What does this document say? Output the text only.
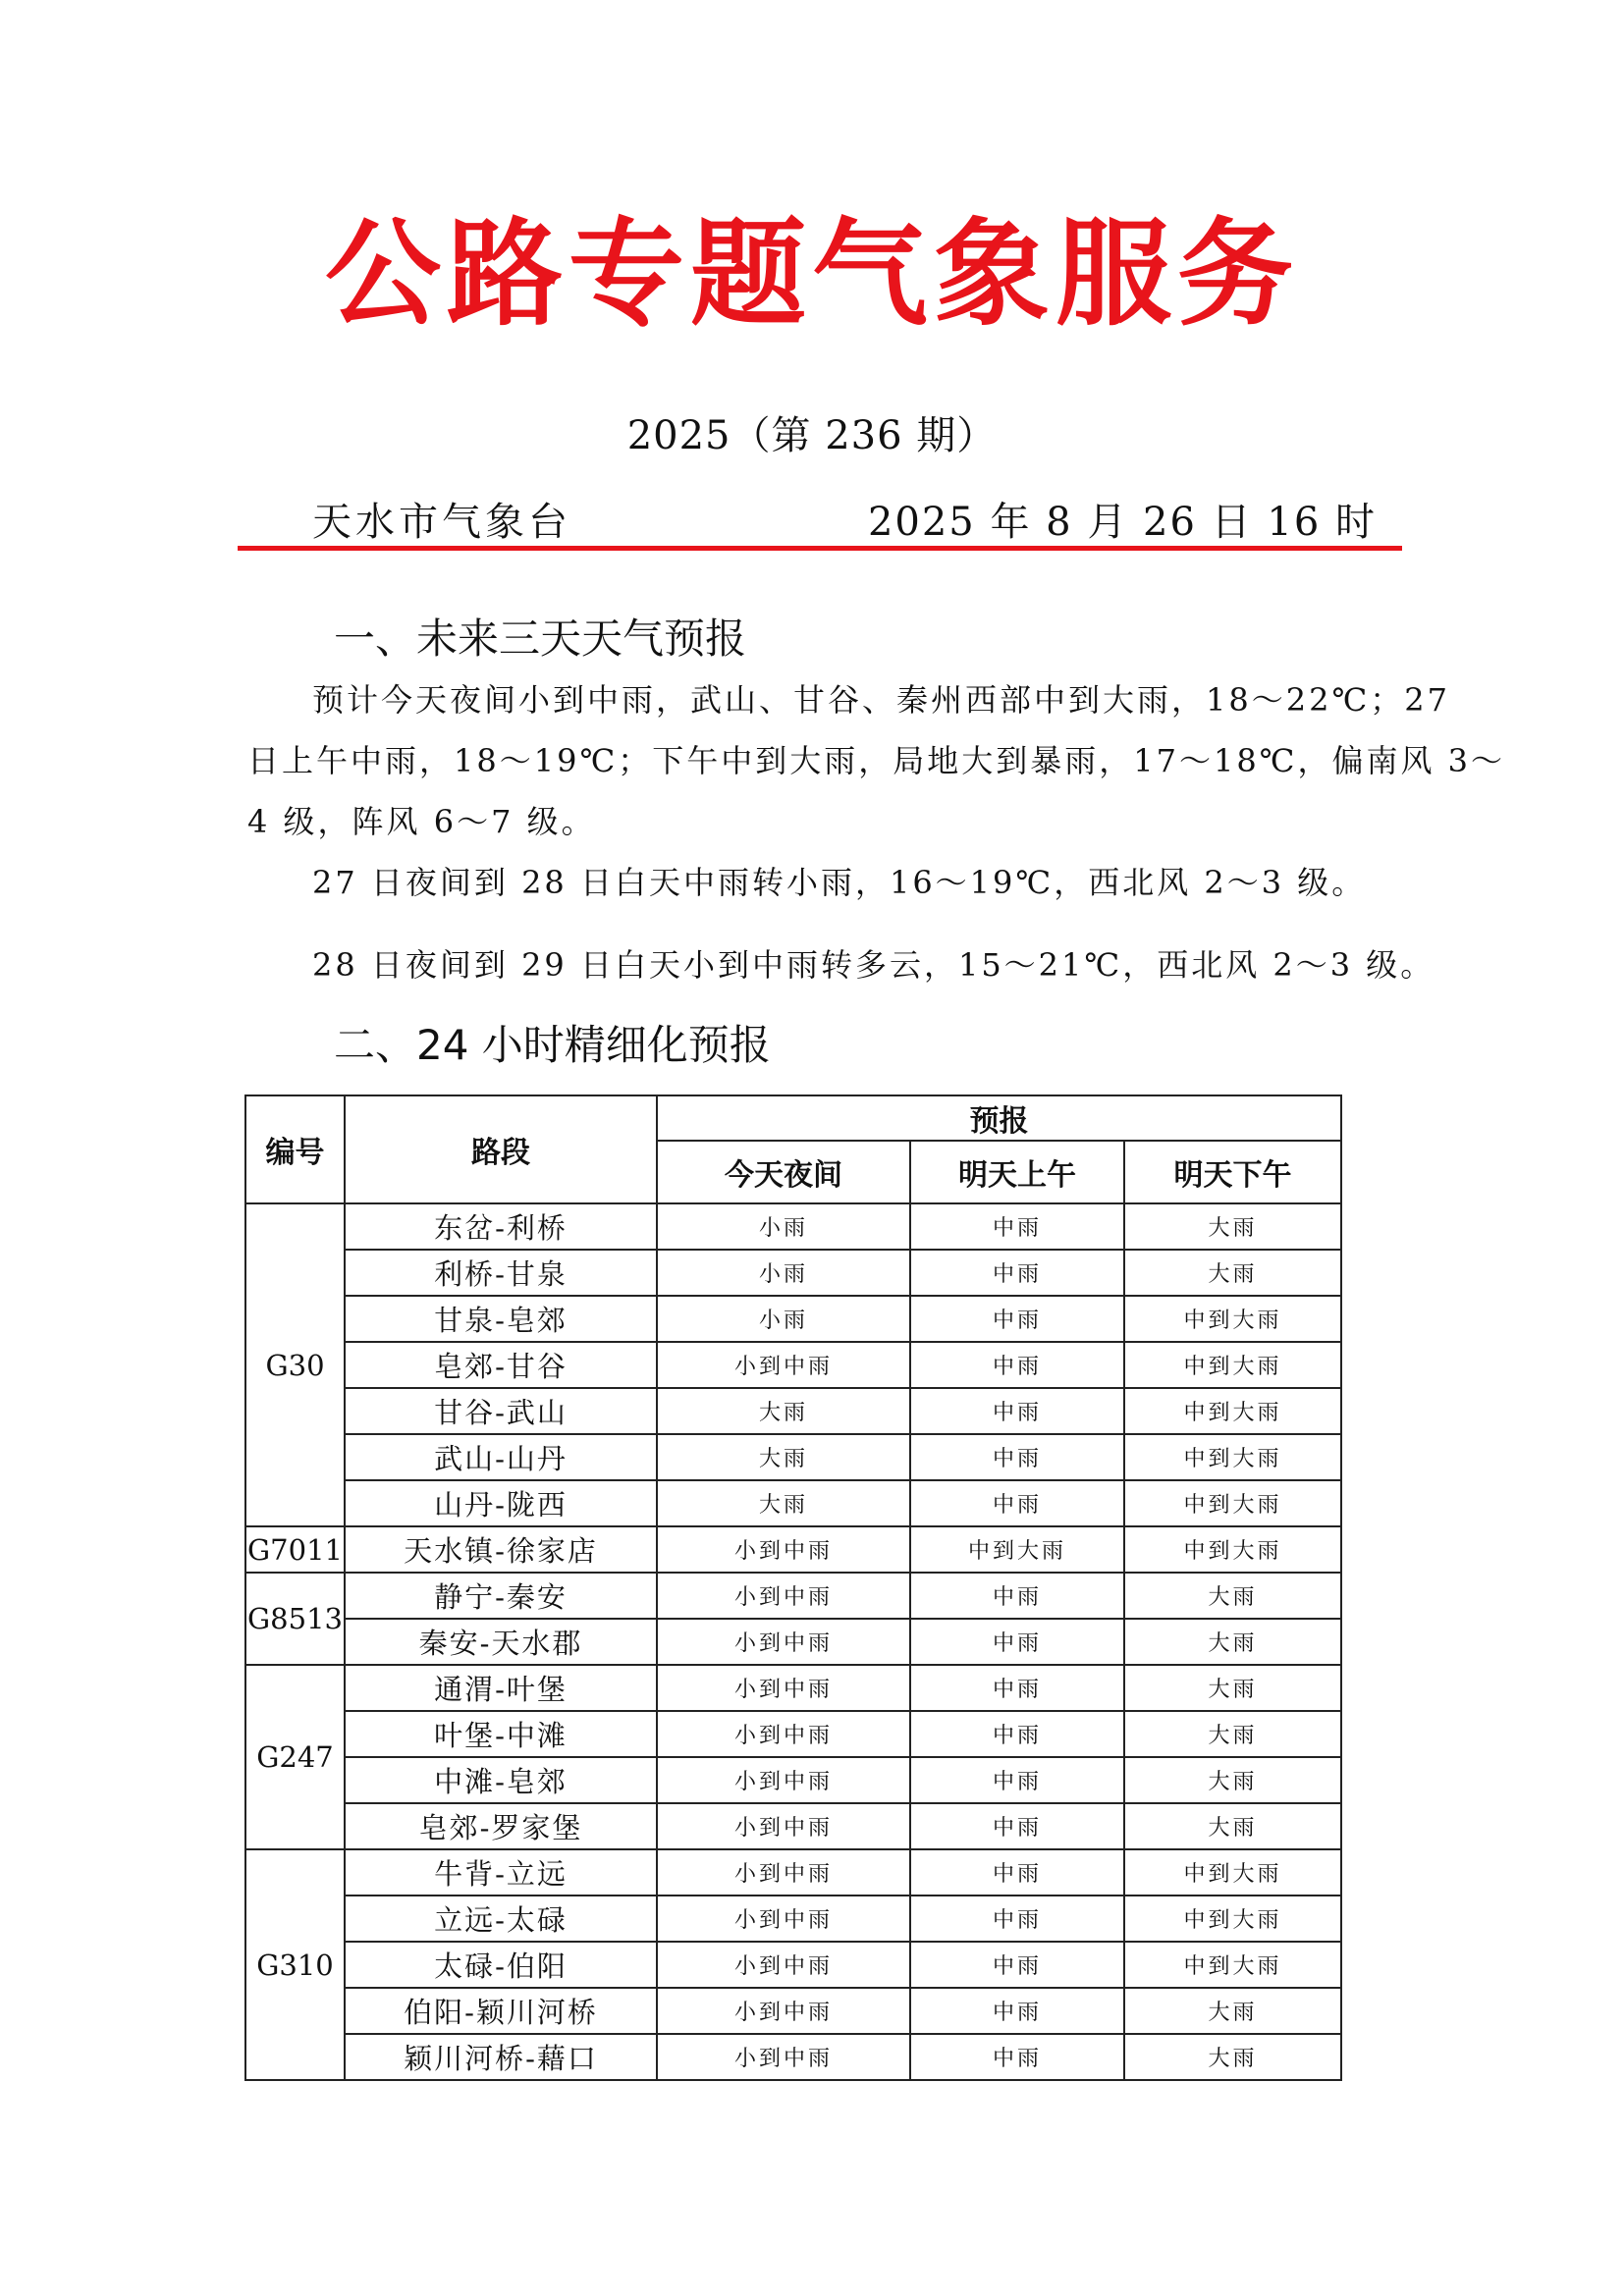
公路专题气象服务
2025（第 236 期）
天水市气象台	2025 年 8 月 26 日 16 时
一、未来三天天气预报
预计今天夜间小到中雨，武山、甘谷、秦州西部中到大雨，18～22℃；27
日上午中雨，18～19℃；下午中到大雨，局地大到暴雨，17～18℃，偏南风 3～
4 级，阵风 6～7 级。
27 日夜间到 28 日白天中雨转小雨，16～19℃，西北风 2～3 级。
28 日夜间到 29 日白天小到中雨转多云，15～21℃，西北风 2～3 级。
二、24 小时精细化预报
编号	路段	预报		
		今天夜间	明天上午	明天下午
G30	东岔-利桥	小雨	中雨	大雨
	利桥-甘泉	小雨	中雨	大雨
	甘泉-皂郊	小雨	中雨	中到大雨
	皂郊-甘谷	小到中雨	中雨	中到大雨
	甘谷-武山	大雨	中雨	中到大雨
	武山-山丹	大雨	中雨	中到大雨
	山丹-陇西	大雨	中雨	中到大雨
G7011	天水镇-徐家店	小到中雨	中到大雨	中到大雨
G8513	静宁-秦安	小到中雨	中雨	大雨
	秦安-天水郡	小到中雨	中雨	大雨
G247	通渭-叶堡	小到中雨	中雨	大雨
	叶堡-中滩	小到中雨	中雨	大雨
	中滩-皂郊	小到中雨	中雨	大雨
	皂郊-罗家堡	小到中雨	中雨	大雨
G310	牛背-立远	小到中雨	中雨	中到大雨
	立远-太碌	小到中雨	中雨	中到大雨
	太碌-伯阳	小到中雨	中雨	中到大雨
	伯阳-颖川河桥	小到中雨	中雨	大雨
	颖川河桥-藉口	小到中雨	中雨	大雨
